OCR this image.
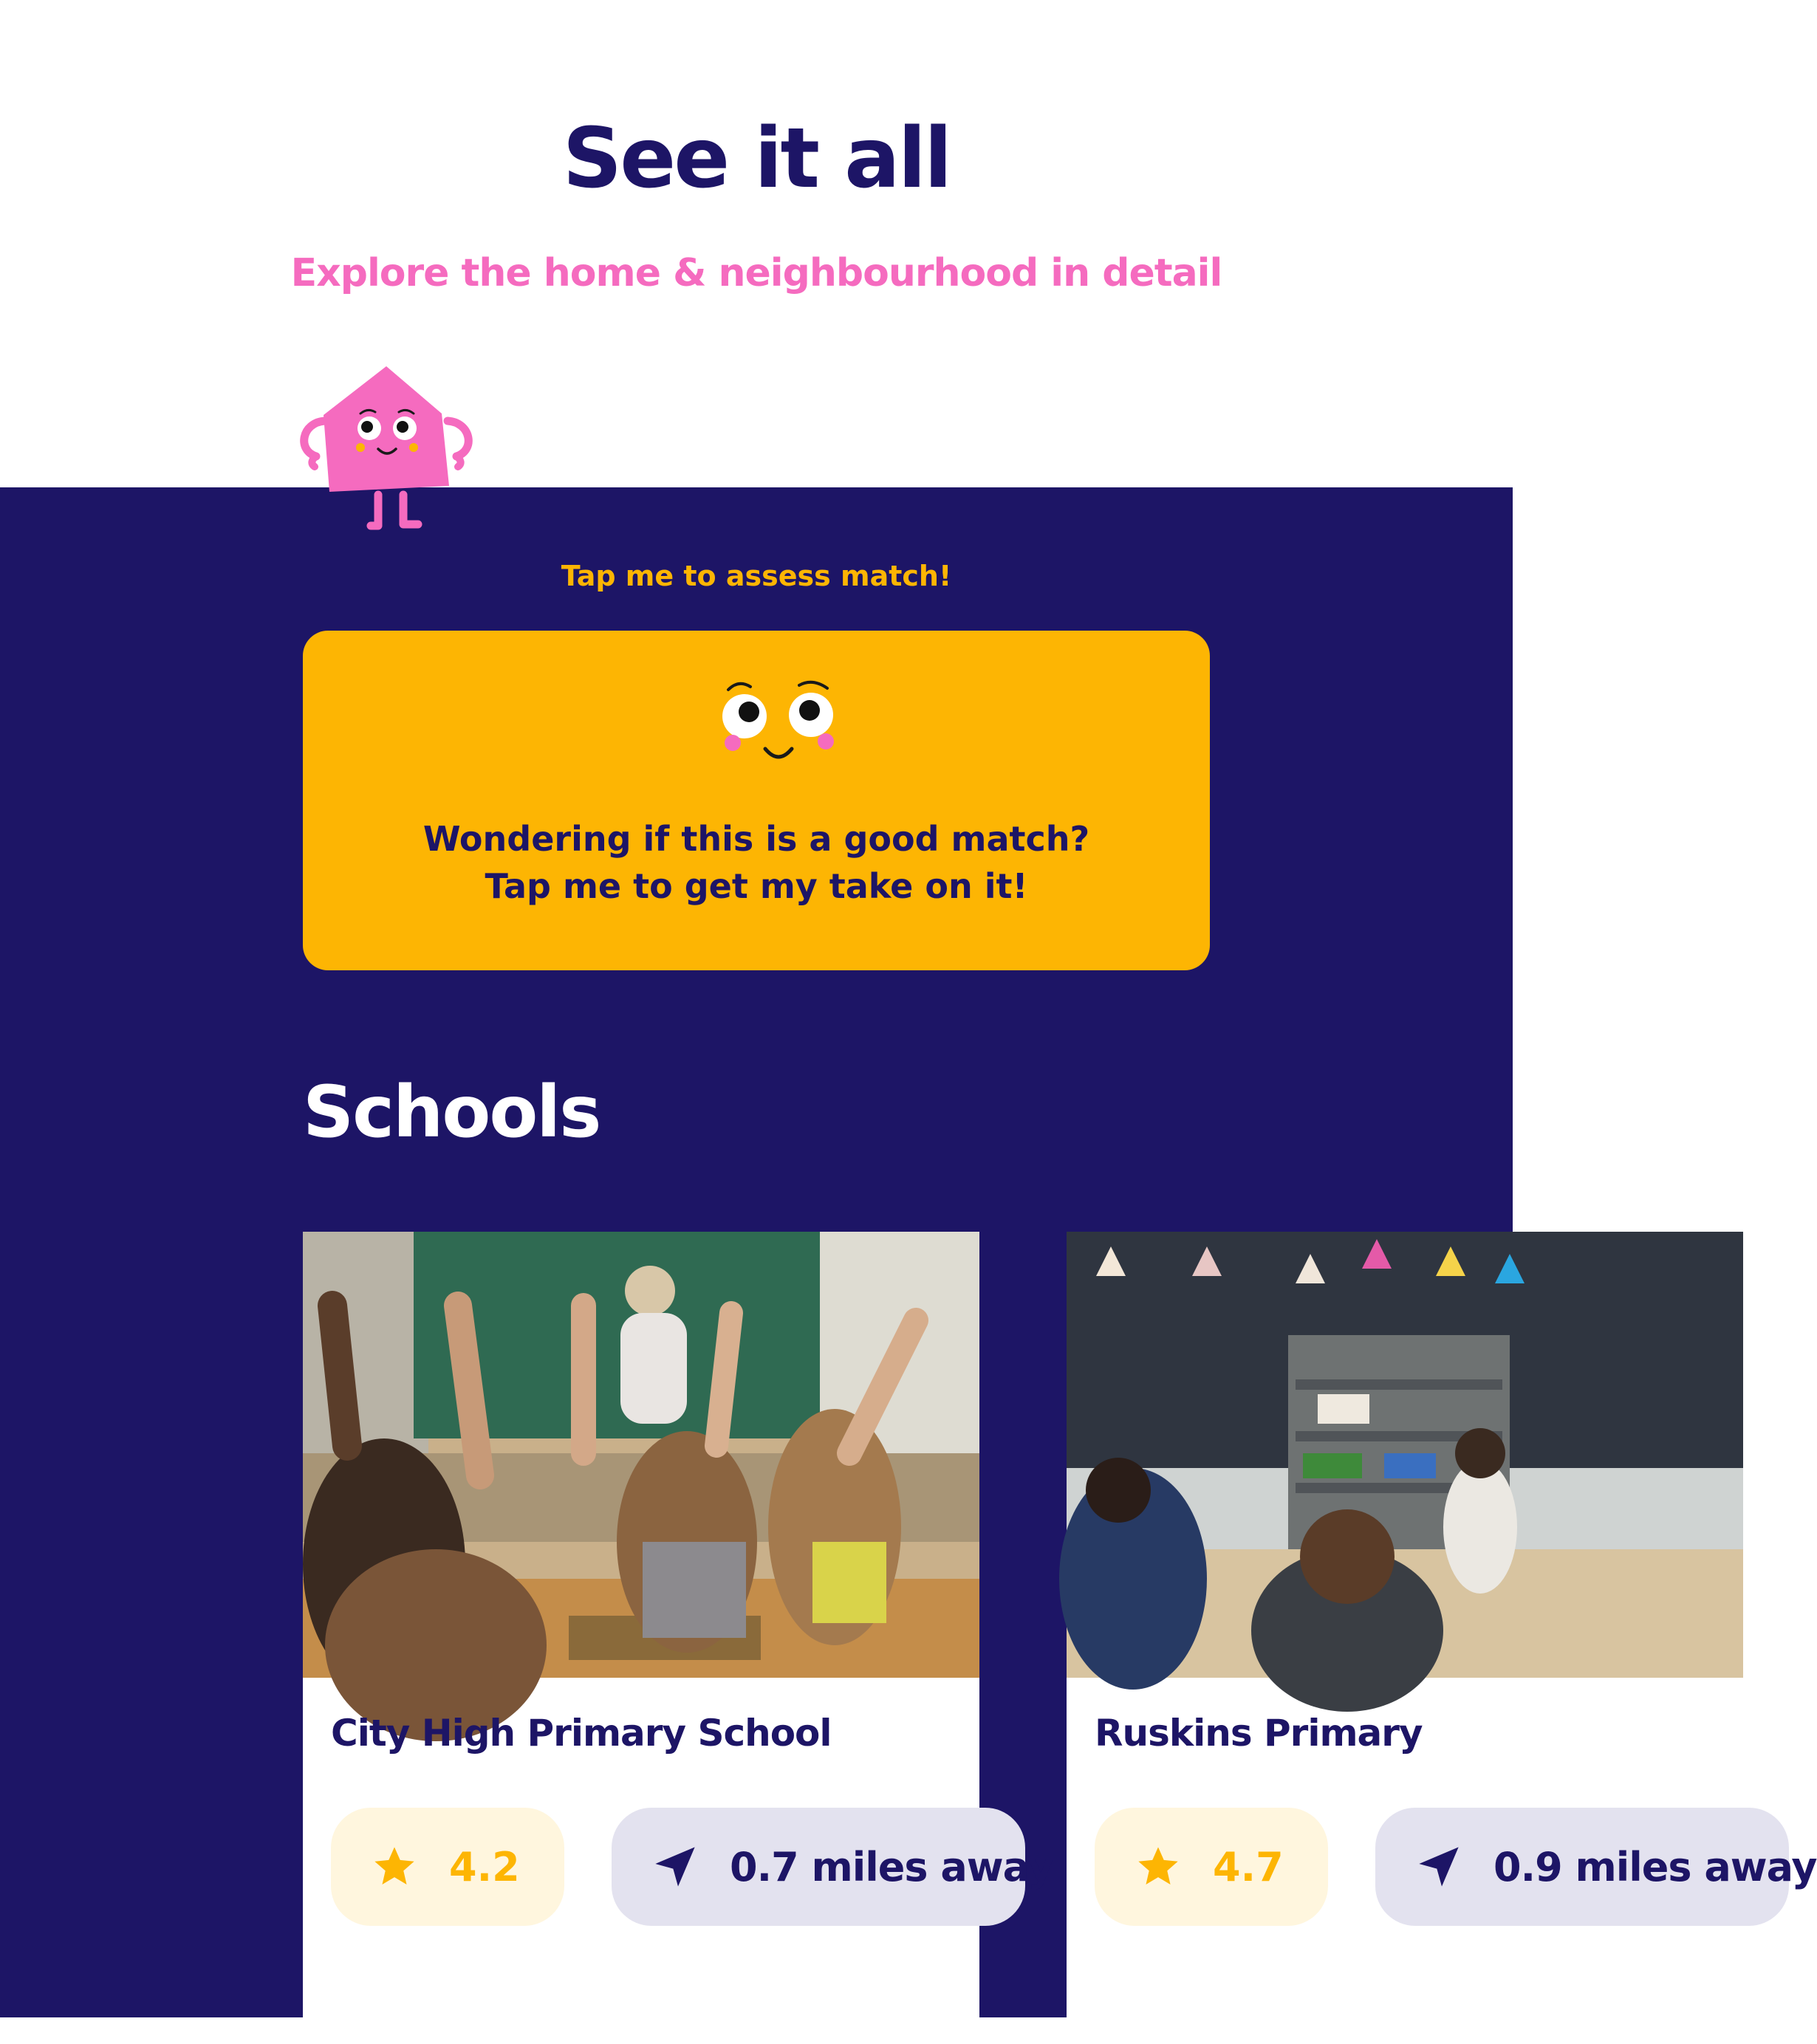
See it all

Explore the home & neighbourhood in detail

Tap me to assess match!
Wondering if this is a good match?
Tap me to get my take on it!
Schools
City High Primary School
4.2	0.7 miles away
Ruskins Primary
4.7	0.9 miles away
